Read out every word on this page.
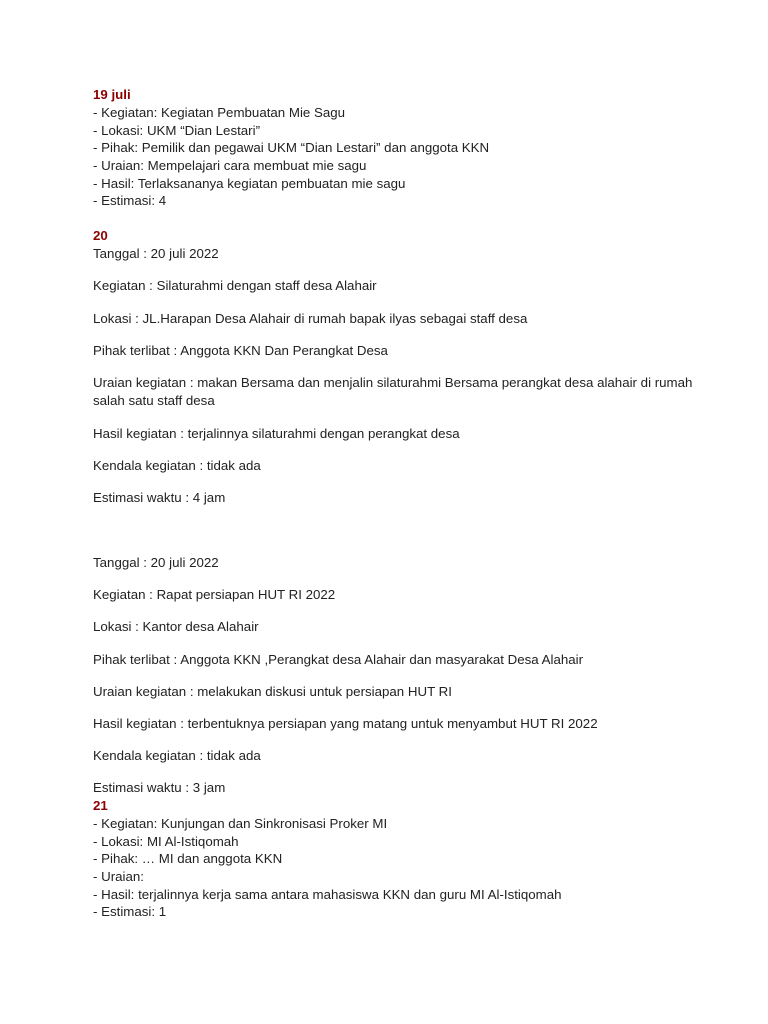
19 juli
- Kegiatan: Kegiatan Pembuatan Mie Sagu
- Lokasi: UKM “Dian Lestari”
- Pihak: Pemilik dan pegawai UKM “Dian Lestari” dan anggota KKN
- Uraian: Mempelajari cara membuat mie sagu
- Hasil: Terlaksananya kegiatan pembuatan mie sagu
- Estimasi: 4
20

Tanggal : 20 juli 2022

Kegiatan : Silaturahmi dengan staff desa Alahair

Lokasi : JL.Harapan Desa Alahair di rumah bapak ilyas sebagai staff desa

Pihak terlibat : Anggota KKN Dan Perangkat Desa

Uraian kegiatan : makan Bersama dan menjalin silaturahmi Bersama perangkat desa alahair di rumah salah satu staff desa

Hasil kegiatan : terjalinnya silaturahmi dengan perangkat desa

Kendala kegiatan : tidak ada

Estimasi waktu : 4 jam

Tanggal : 20 juli 2022

Kegiatan : Rapat persiapan HUT RI 2022

Lokasi : Kantor desa Alahair

Pihak terlibat : Anggota KKN ,Perangkat desa Alahair dan masyarakat Desa Alahair

Uraian kegiatan : melakukan diskusi untuk persiapan HUT RI

Hasil kegiatan : terbentuknya persiapan yang matang untuk menyambut HUT RI 2022

Kendala kegiatan : tidak ada

Estimasi waktu : 3 jam

21
- Kegiatan: Kunjungan dan Sinkronisasi Proker MI
- Lokasi: MI Al-Istiqomah
- Pihak: … MI dan anggota KKN
- Uraian:
- Hasil: terjalinnya kerja sama antara mahasiswa KKN dan guru MI Al-Istiqomah
- Estimasi: 1
